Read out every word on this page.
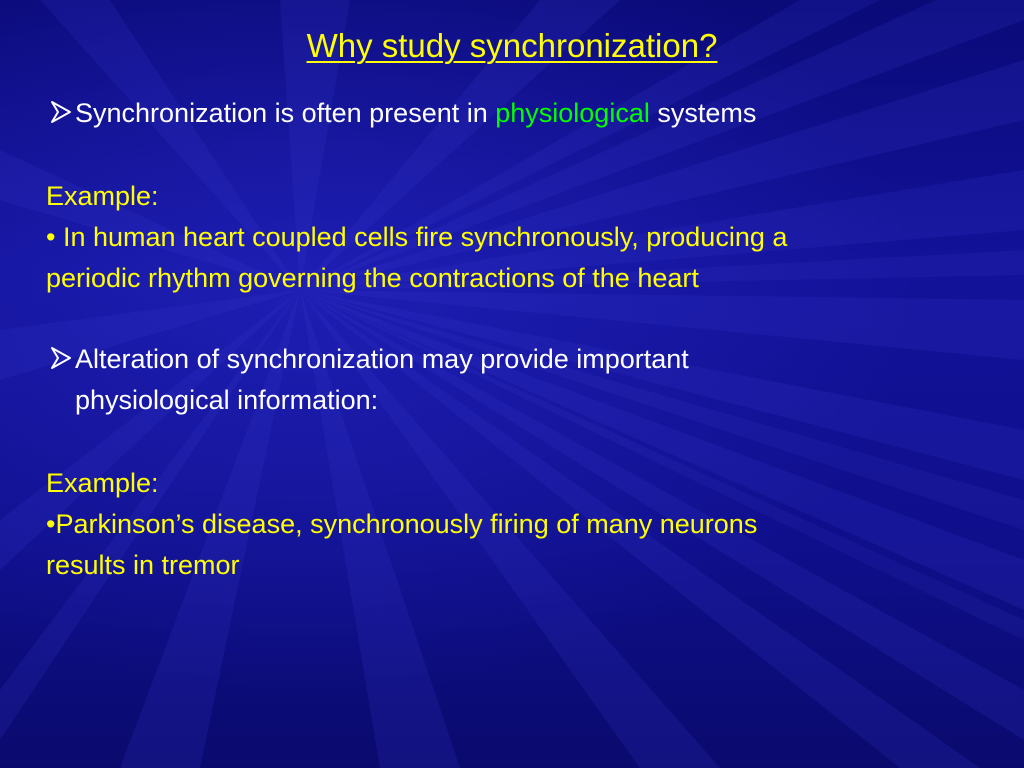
Why study synchronization?
Synchronization is often present in physiological systems
Example:
• In human heart coupled cells fire synchronously, producing a
periodic rhythm governing the contractions of the heart
Alteration of synchronization may provide important
physiological information:
Example:
•Parkinson’s disease, synchronously firing of many neurons
results in tremor
